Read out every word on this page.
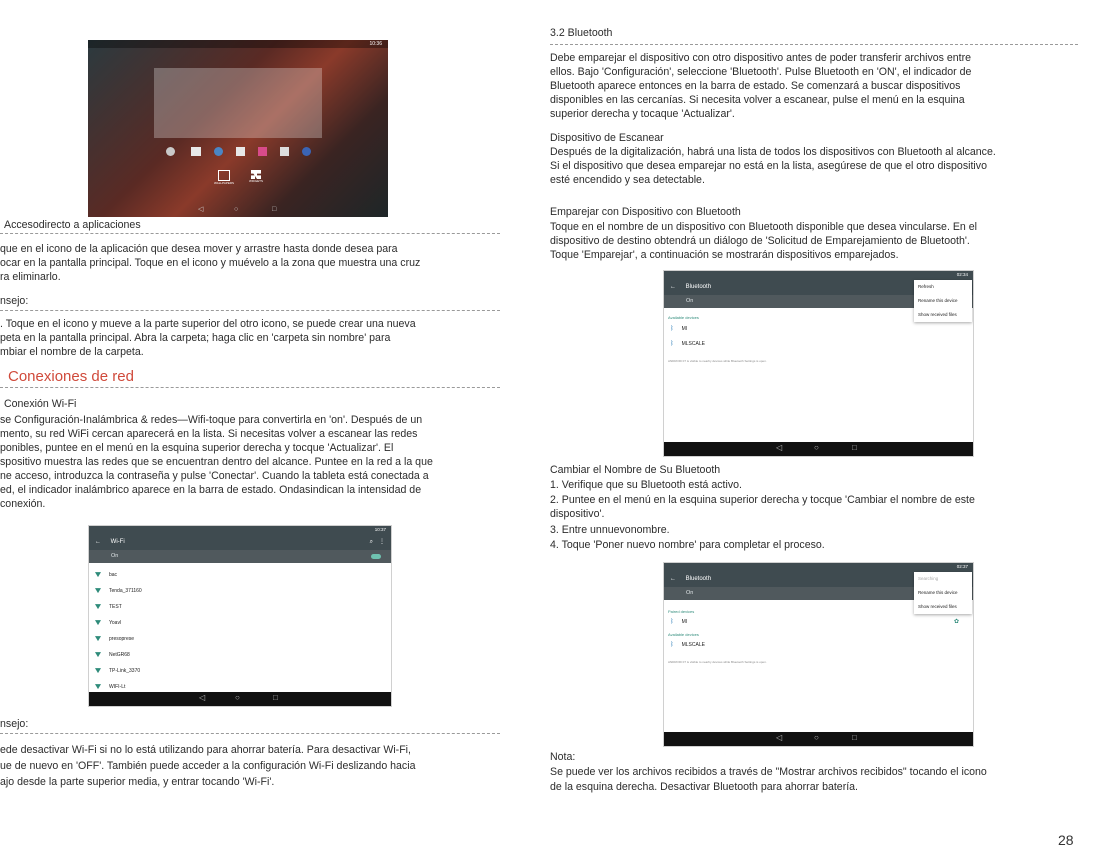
10:36
WALLPAPERS	WIDGETS
◁	○	□
Accesodirecto a aplicaciones
que en el icono de la aplicación que desea mover y arrastre hasta donde desea para
ocar en la pantalla principal. Toque en el icono y muévelo a la zona que muestra una cruz
ra eliminarlo.
nsejo:
. Toque en el icono y mueve a la parte superior del otro icono, se puede crear una nueva
peta en la pantalla principal. Abra la carpeta; haga clic en 'carpeta sin nombre' para
mbiar el nombre de la carpeta.
Conexiones de red
Conexión Wi-Fi
se Configuración-Inalámbrica & redes—Wifi-toque para convertirla en 'on'. Después de un
mento, su red WiFi cercan aparecerá en la lista. Si necesitas volver a escanear las redes
ponibles, puntee en el menú en la esquina superior derecha y tocque 'Actualizar'. El
spositivo muestra las redes que se encuentran dentro del alcance. Puntee en la red a la que
ne acceso, introduzca la contraseña y pulse 'Conectar'. Cuando la tableta está conectada a
ed, el indicador inalámbrico aparece en la barra de estado. Ondasindican la intensidad de
conexión.
10:37
← Wi-Fi	⌕ ⋮
On
bac
Tenda_371160
TEST
Yoavl
presoprese
NetGR68
TP-Link_3370
WIFI-Lt
◁	○	□
nsejo:
ede desactivar Wi-Fi si no lo está utilizando para ahorrar batería. Para desactivar Wi-Fi,
ue de nuevo en 'OFF'. También puede acceder a la configuración Wi-Fi deslizando hacia
ajo desde la parte superior media, y entrar tocando 'Wi-Fi'.
3.2 Bluetooth
Debe emparejar el dispositivo con otro dispositivo antes de poder transferir archivos entre
ellos. Bajo 'Configuración', seleccione 'Bluetooth'. Pulse Bluetooth en 'ON', el indicador de
Bluetooth aparece entonces en la barra de estado. Se comenzará a buscar dispositivos
disponibles en las cercanías. Si necesita volver a escanear, pulse el menú en la esquina
superior derecha y tocaque 'Actualizar'.
Dispositivo de Escanear
Después de la digitalización, habrá una lista de todos los dispositivos con Bluetooth al alcance.
Si el dispositivo que desea emparejar no está en la lista, asegúrese de que el otro dispositivo
esté encendido y sea detectable.
Emparejar con Dispositivo con Bluetooth
Toque en el nombre de un dispositivo con Bluetooth disponible que desea vincularse. En el
dispositivo de destino obtendrá un diálogo de 'Solicitud de Emparejamiento de Bluetooth'.
Toque 'Emparejar', a continuación se mostrarán dispositivos emparejados.
02:34
← Bluetooth
On
Available devices
ᛒ MI
ᛒ MLSCALE
ANDROID 07 is visible to nearby devices while Bluetooth Settings is open.
Refresh
Rename this device
Show received files
◁	○	□
Cambiar el Nombre de Su Bluetooth
1. Verifique que su Bluetooth está activo.
2. Puntee en el menú en la esquina superior derecha y tocque 'Cambiar el nombre de este
dispositivo'.
3. Entre unnuevonombre.
4. Toque 'Poner nuevo nombre' para completar el proceso.
02:37
← Bluetooth
On
Paired devices
ᛒ MI	✿
Available devices
ᛒ MLSCALE
ANDROID 07 is visible to nearby devices while Bluetooth Settings is open.
Searching
Rename this device
Show received files
◁	○	□
Nota:
Se puede ver los archivos recibidos a través de "Mostrar archivos recibidos" tocando el icono
de la esquina derecha. Desactivar Bluetooth para ahorrar batería.
28
